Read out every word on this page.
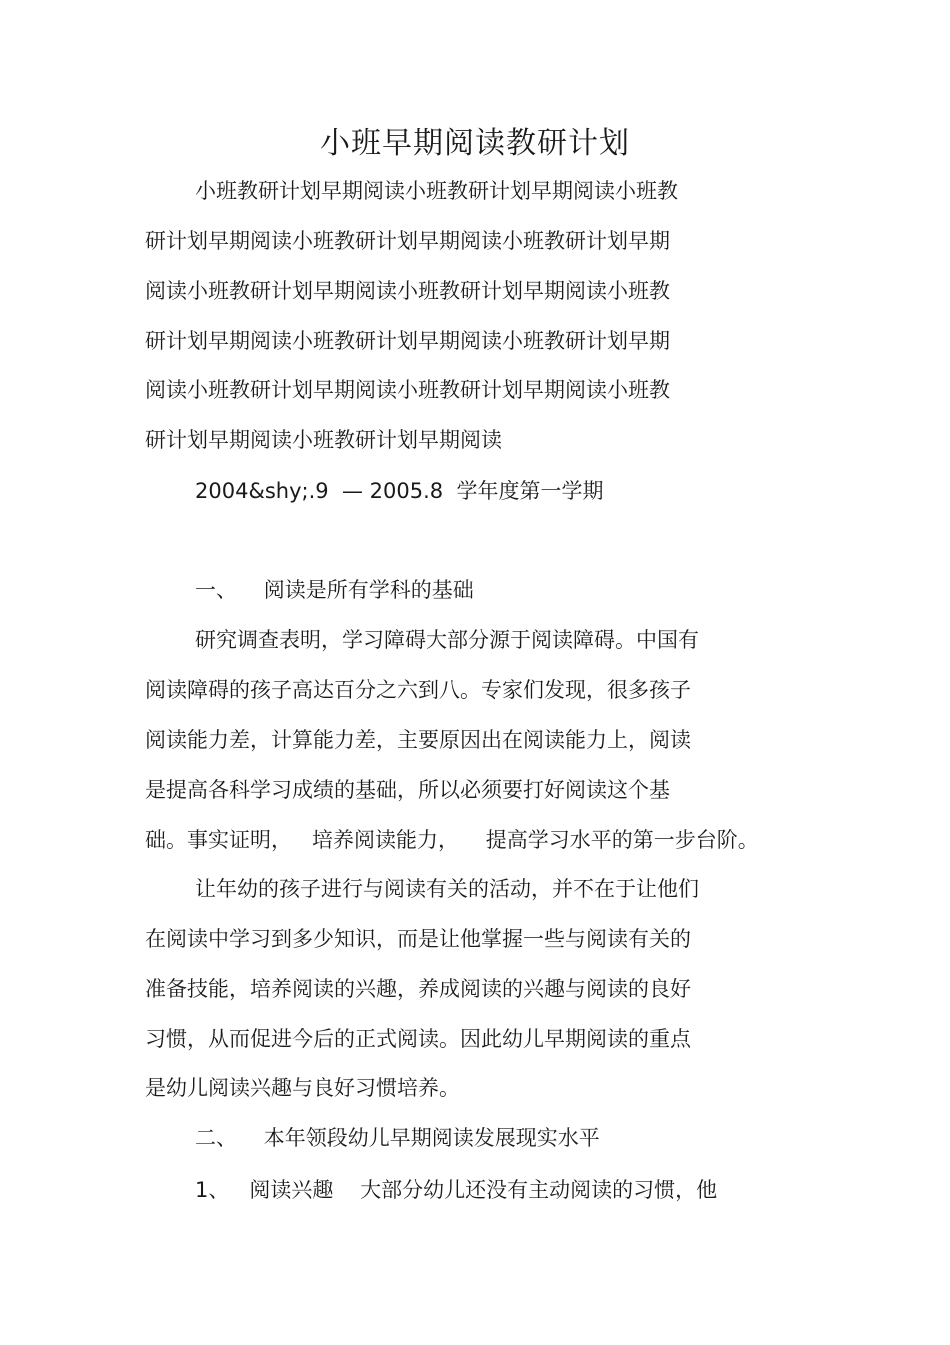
小班早期阅读教研计划
小班教研计划早期阅读小班教研计划早期阅读小班教
研计划早期阅读小班教研计划早期阅读小班教研计划早期
阅读小班教研计划早期阅读小班教研计划早期阅读小班教
研计划早期阅读小班教研计划早期阅读小班教研计划早期
阅读小班教研计划早期阅读小班教研计划早期阅读小班教
研计划早期阅读小班教研计划早期阅读
2004&shy;.9  — 2005.8  学年度第一学期
一、    阅读是所有学科的基础
研究调查表明，学习障碍大部分源于阅读障碍。中国有
阅读障碍的孩子高达百分之六到八。专家们发现，很多孩子
阅读能力差，计算能力差，主要原因出在阅读能力上，阅读
是提高各科学习成绩的基础，所以必须要打好阅读这个基
础。事实证明，   培养阅读能力，    提高学习水平的第一步台阶。
让年幼的孩子进行与阅读有关的活动，并不在于让他们
在阅读中学习到多少知识，而是让他掌握一些与阅读有关的
准备技能，培养阅读的兴趣，养成阅读的兴趣与阅读的良好
习惯，从而促进今后的正式阅读。因此幼儿早期阅读的重点
是幼儿阅读兴趣与良好习惯培养。
二、    本年领段幼儿早期阅读发展现实水平
1、   阅读兴趣    大部分幼儿还没有主动阅读的习惯，他
